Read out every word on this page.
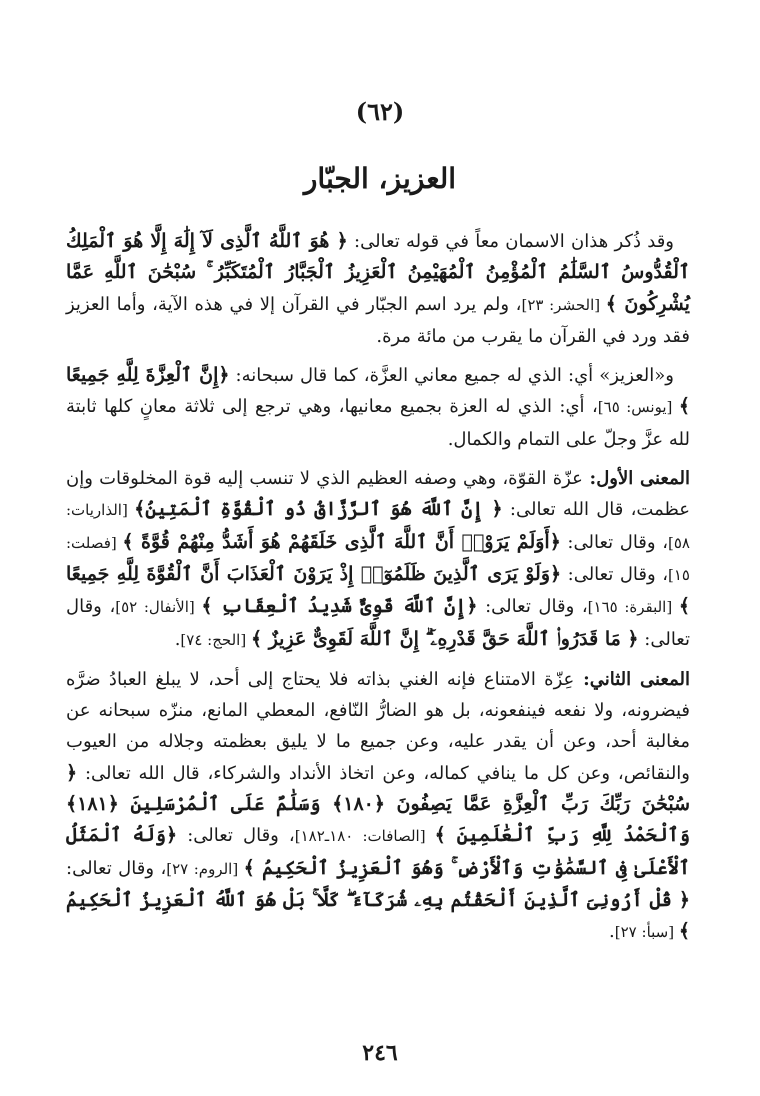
(٦٢)
العزيز، الجبّار

وقد ذُكر هذان الاسمان معاً في قوله تعالى: ﴿ هُوَ ٱللَّهُ ٱلَّذِى لَآ إِلَٰهَ إِلَّا هُوَ ٱلْمَلِكُ ٱلْقُدُّوسُ ٱلسَّلَٰمُ ٱلْمُؤْمِنُ ٱلْمُهَيْمِنُ ٱلْعَزِيزُ ٱلْجَبَّارُ ٱلْمُتَكَبِّرُ ۚ سُبْحَٰنَ ٱللَّهِ عَمَّا يُشْرِكُونَ ﴾ [الحشر: ٢٣]، ولم يرد اسم الجبّار في القرآن إلا في هذه الآية، وأما العزيز فقد ورد في القرآن ما يقرب من مائة مرة.

و«العزيز» أي: الذي له جميع معاني العزَّة، كما قال سبحانه: ﴿إِنَّ ٱلْعِزَّةَ لِلَّهِ جَمِيعًا ﴾ [يونس: ٦٥]، أي: الذي له العزة بجميع معانيها، وهي ترجع إلى ثلاثة معانٍ كلها ثابتة لله عزَّ وجلّ على التمام والكمال.

المعنى الأول: عزّة القوّة، وهي وصفه العظيم الذي لا تنسب إليه قوة المخلوقات وإن عظمت، قال الله تعالى: ﴿ إِنَّ ٱللَّهَ هُوَ ٱلرَّزَّاقُ ذُو ٱلْقُوَّةِ ٱلْمَتِينُ﴾ [الذاريات: ٥٨]، وقال تعالى: ﴿أَوَلَمْ يَرَوْا۟ أَنَّ ٱللَّهَ ٱلَّذِى خَلَقَهُمْ هُوَ أَشَدُّ مِنْهُمْ قُوَّةً ﴾ [فصلت: ١٥]، وقال تعالى: ﴿وَلَوْ يَرَى ٱلَّذِينَ ظَلَمُوٓا۟ إِذْ يَرَوْنَ ٱلْعَذَابَ أَنَّ ٱلْقُوَّةَ لِلَّهِ جَمِيعًا ﴾ [البقرة: ١٦٥]، وقال تعالى: ﴿إِنَّ ٱللَّهَ قَوِىٌّ شَدِيدُ ٱلْعِقَابِ ﴾ [الأنفال: ٥٢]، وقال تعالى: ﴿ مَا قَدَرُوا۟ ٱللَّهَ حَقَّ قَدْرِهِۦٓ ۗ إِنَّ ٱللَّهَ لَقَوِىٌّ عَزِيزٌ ﴾ [الحج: ٧٤].

المعنى الثاني: عِزّة الامتناع فإنه الغني بذاته فلا يحتاج إلى أحد، لا يبلغ العبادُ ضرَّه فيضرونه، ولا نفعه فينفعونه، بل هو الضارُّ النّافع، المعطي المانع، منزّه سبحانه عن مغالبة أحد، وعن أن يقدر عليه، وعن جميع ما لا يليق بعظمته وجلاله من العيوب والنقائص، وعن كل ما ينافي كماله، وعن اتخاذ الأنداد والشركاء، قال الله تعالى: ﴿ سُبْحَٰنَ رَبِّكَ رَبِّ ٱلْعِزَّةِ عَمَّا يَصِفُونَ ﴿١٨٠﴾ وَسَلَٰمٌ عَلَى ٱلْمُرْسَلِينَ ﴿١٨١﴾ وَٱلْحَمْدُ لِلَّهِ رَبِّ ٱلْعَٰلَمِينَ ﴾ [الصافات: ١٨٠ـ١٨٢]، وقال تعالى: ﴿وَلَهُ ٱلْمَثَلُ ٱلْأَعْلَىٰ فِى ٱلسَّمَٰوَٰتِ وَٱلْأَرْضِ ۚ وَهُوَ ٱلْعَزِيزُ ٱلْحَكِيمُ ﴾ [الروم: ٢٧]، وقال تعالى: ﴿ قُلْ أَرُونِىَ ٱلَّذِينَ أَلْحَقْتُم بِهِۦ شُرَكَآءَ ۖ كَلَّا ۚ بَلْ هُوَ ٱللَّهُ ٱلْعَزِيزُ ٱلْحَكِيمُ ﴾ [سبأ: ٢٧].

٢٤٦
